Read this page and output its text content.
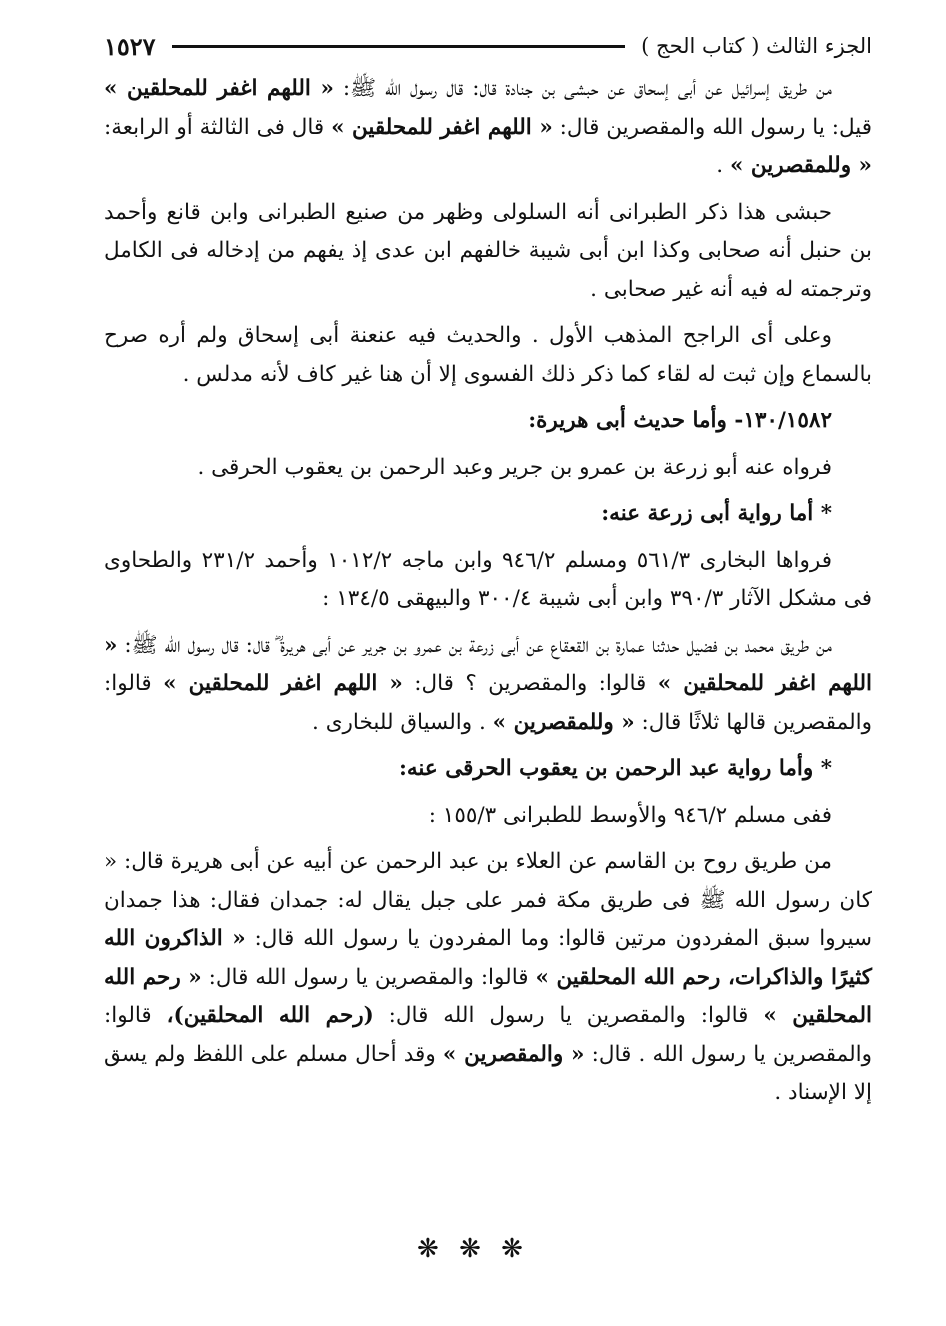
الجزء الثالث ( كتاب الحج )
١٥٢٧

من طريق إسرائيل عن أبى إسحاق عن حبشى بن جنادة قال: قال رسول الله ﷺ: « اللهم اغفر للمحلقين » قيل: يا رسول الله والمقصرين قال: « اللهم اغفر للمحلقين » قال فى الثالثة أو الرابعة: « وللمقصرين » .

حبشى هذا ذكر الطبرانى أنه السلولى وظهر من صنيع الطبرانى وابن قانع وأحمد بن حنبل أنه صحابى وكذا ابن أبى شيبة خالفهم ابن عدى إذ يفهم من إدخاله فى الكامل وترجمته له فيه أنه غير صحابى .

وعلى أى الراجح المذهب الأول . والحديث فيه عنعنة أبى إسحاق ولم أره صرح بالسماع وإن ثبت له لقاء كما ذكر ذلك الفسوى إلا أن هنا غير كاف لأنه مدلس .

١٣٠/١٥٨٢- وأما حديث أبى هريرة:

فرواه عنه أبو زرعة بن عمرو بن جرير وعبد الرحمن بن يعقوب الحرقى .

* أما رواية أبى زرعة عنه:

فرواها البخارى ٥٦١/٣ ومسلم ٩٤٦/٢ وابن ماجه ١٠١٢/٢ وأحمد ٢٣١/٢ والطحاوى فى مشكل الآثار ٣٩٠/٣ وابن أبى شيبة ٣٠٠/٤ والبيهقى ١٣٤/٥ :

من طريق محمد بن فضيل حدثنا عمارة بن القعقاع عن أبى زرعة بن عمرو بن جرير عن أبى هريرة ؓ قال: قال رسول الله ﷺ: « اللهم اغفر للمحلقين » قالوا: والمقصرين ؟ قال: « اللهم اغفر للمحلقين » قالوا: والمقصرين قالها ثلاثًا قال: « وللمقصرين » . والسياق للبخارى .

* وأما رواية عبد الرحمن بن يعقوب الحرقى عنه:

ففى مسلم ٩٤٦/٢ والأوسط للطبرانى ١٥٥/٣ :

من طريق روح بن القاسم عن العلاء بن عبد الرحمن عن أبيه عن أبى هريرة قال: « كان رسول الله ﷺ فى طريق مكة فمر على جبل يقال له: جمدان فقال: هذا جمدان سيروا سبق المفردون مرتين قالوا: وما المفردون يا رسول الله قال: « الذاكرون الله كثيرًا والذاكرات، رحم الله المحلقين » قالوا: والمقصرين يا رسول الله قال: « رحم الله المحلقين » قالوا: والمقصرين يا رسول الله قال: (رحم الله المحلقين)، قالوا: والمقصرين يا رسول الله . قال: « والمقصرين » وقد أحال مسلم على اللفظ ولم يسق إلا الإسناد .

❋ ❋ ❋
